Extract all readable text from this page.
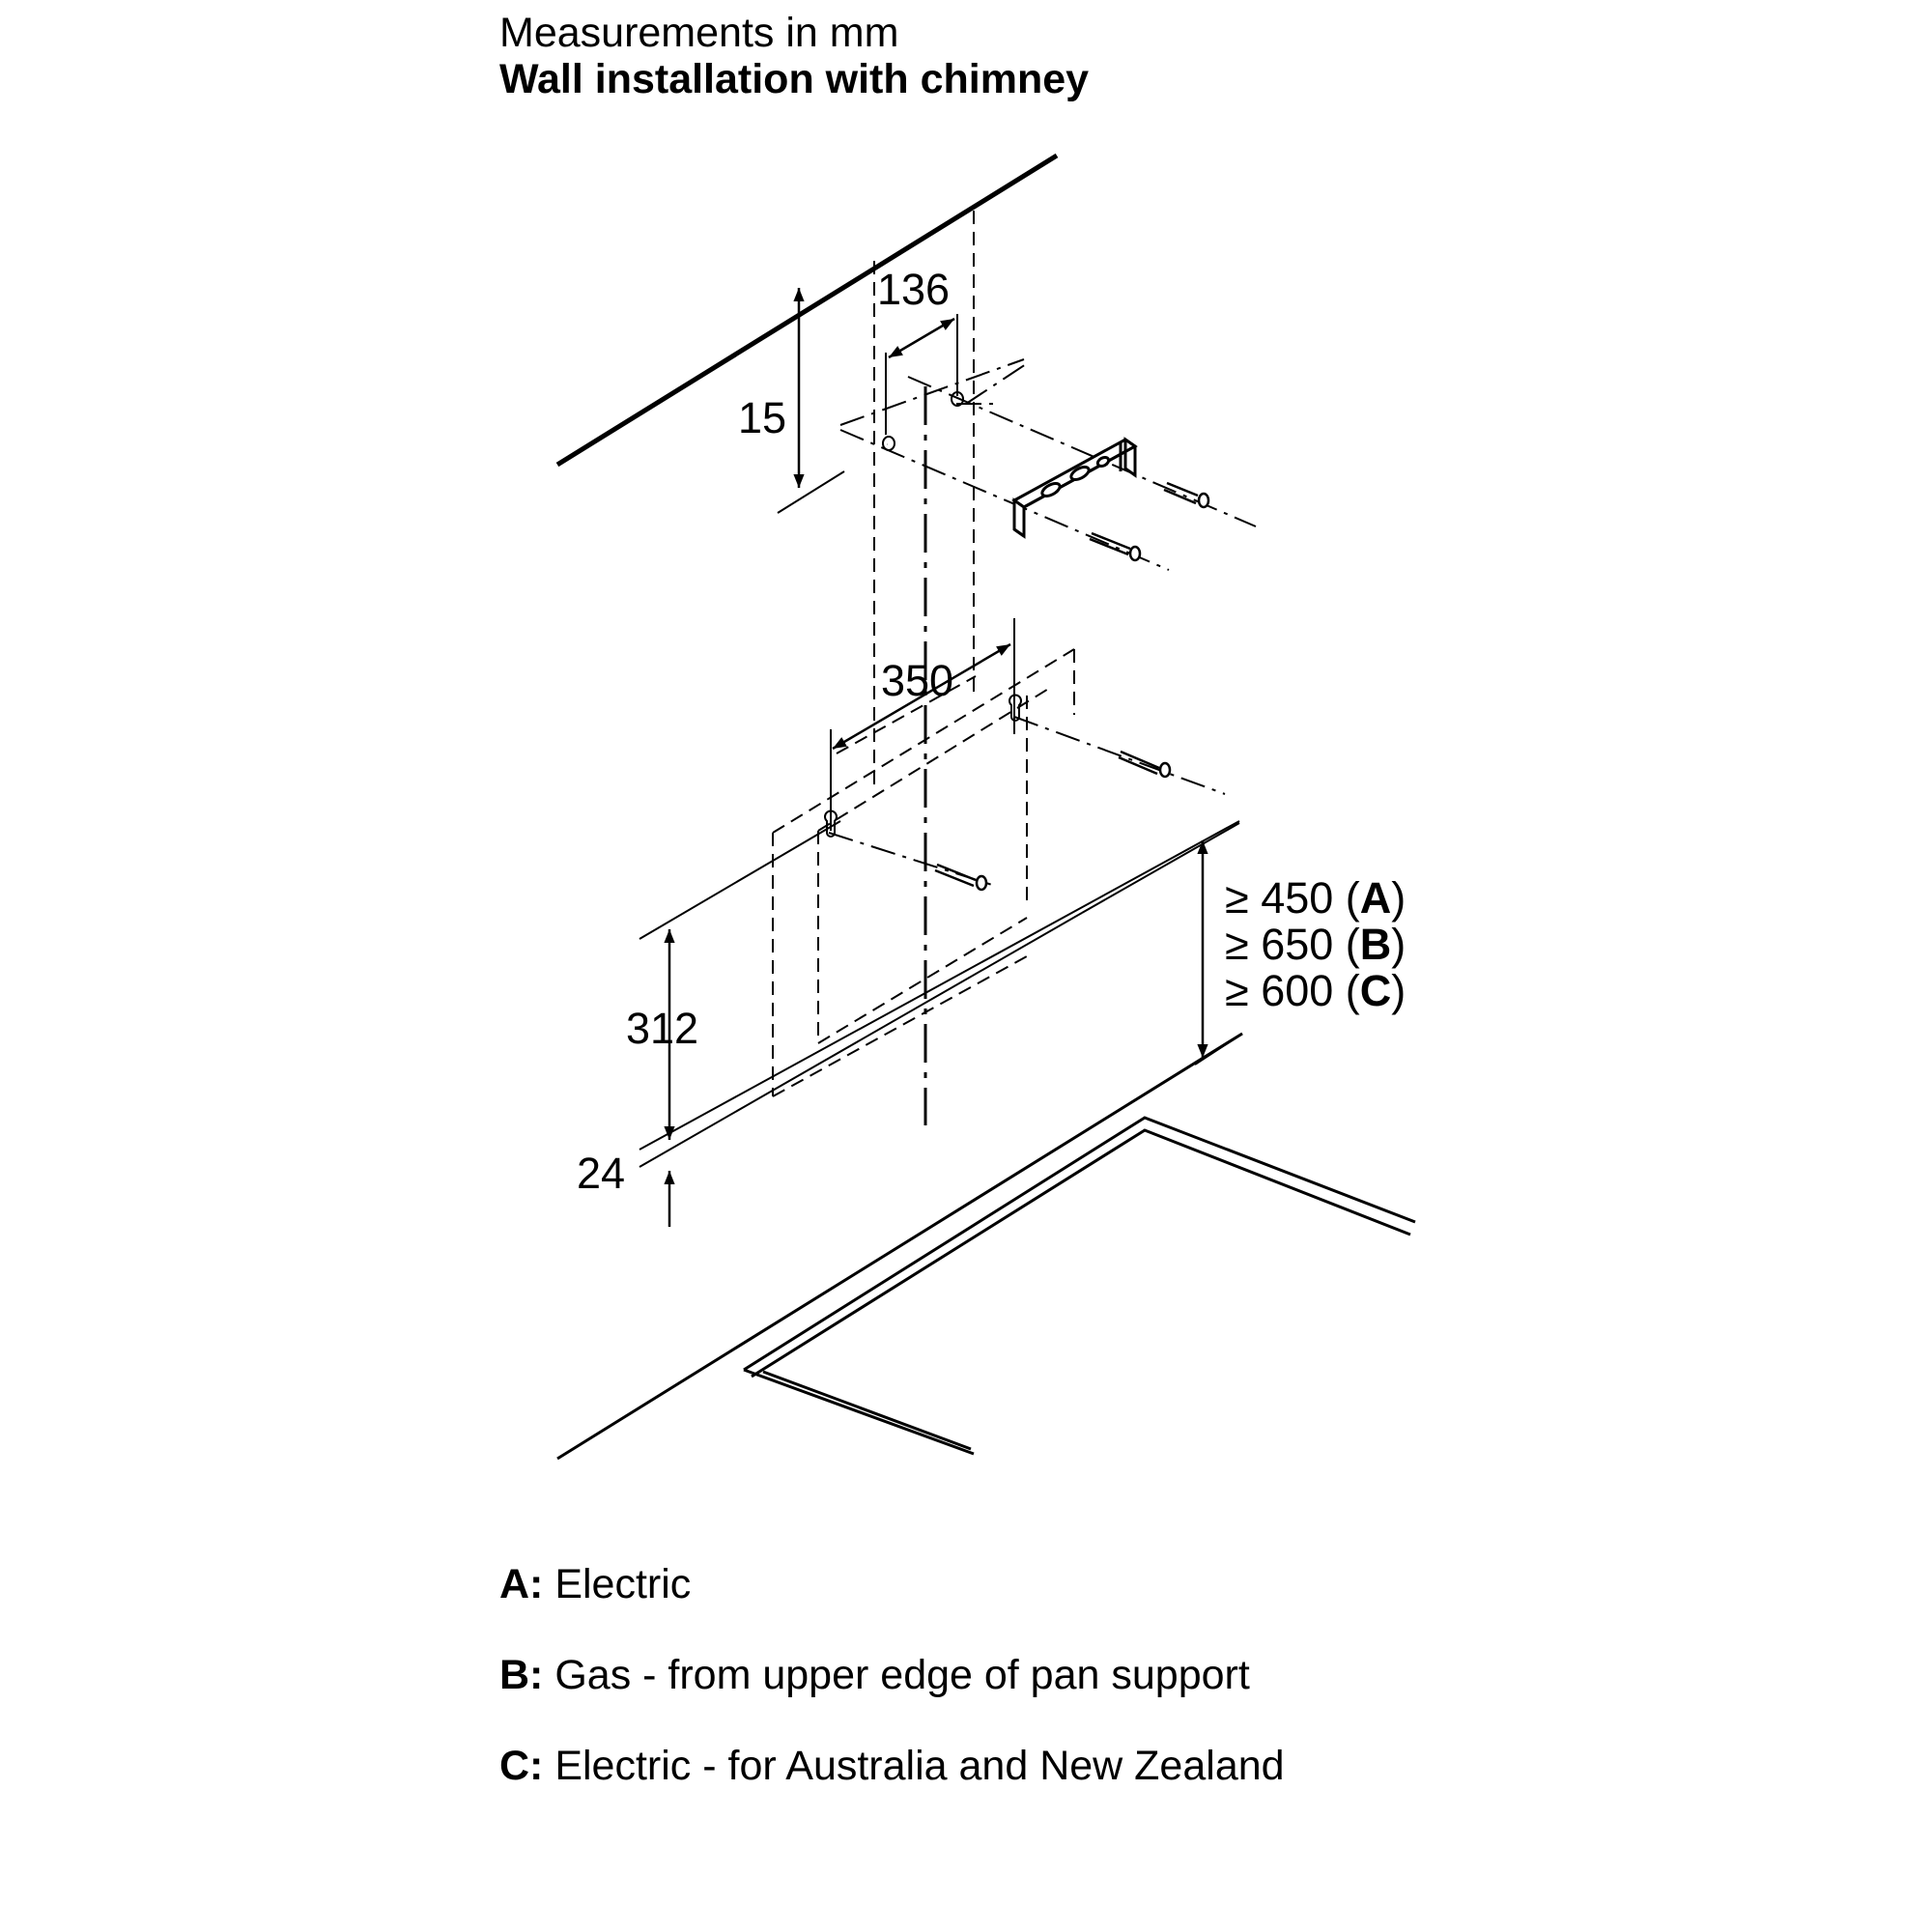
Measurements in mm
Wall installation with chimney
15
136
350
312
24
≥ 450 (A)
≥ 650 (B)
≥ 600 (C)
A: Electric
B: Gas - from upper edge of pan support
C: Electric - for Australia and New Zealand
